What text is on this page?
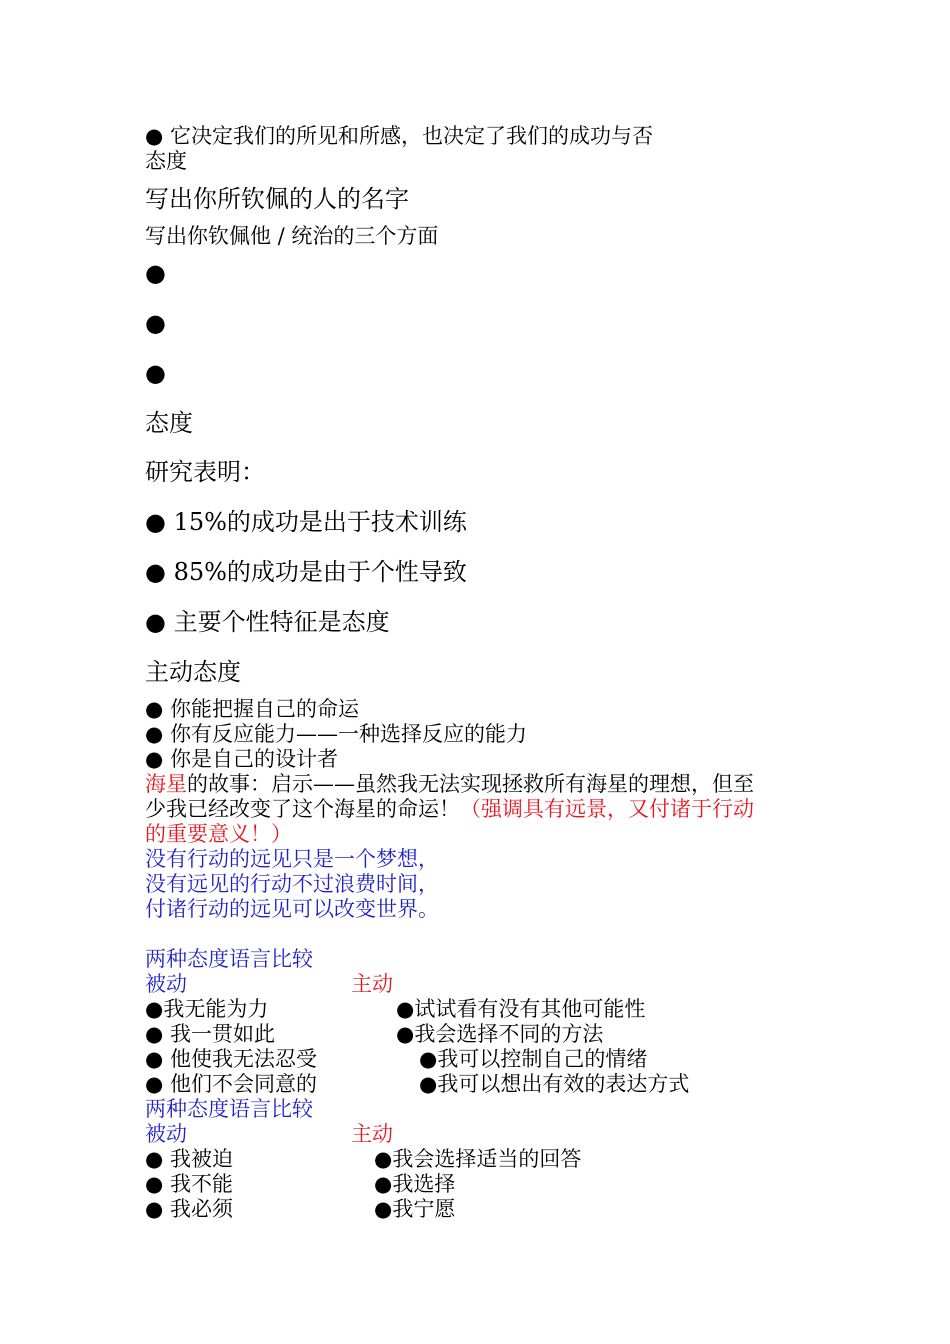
● 它决定我们的所见和所感，也决定了我们的成功与否
态度
写出你所钦佩的人的名字
写出你钦佩他 / 统治的三个方面
●
●
●
态度
研究表明：
● 15%的成功是出于技术训练
● 85%的成功是由于个性导致
● 主要个性特征是态度
主动态度
● 你能把握自己的命运
● 你有反应能力——一种选择反应的能力
● 你是自己的设计者
海星的故事：启示——虽然我无法实现拯救所有海星的理想，但至
少我已经改变了这个海星的命运！（强调具有远景，又付诸于行动
的重要意义！）
没有行动的远见只是一个梦想，
没有远见的行动不过浪费时间，
付诸行动的远见可以改变世界。
两种态度语言比较
被动	主动
●我无能为力	●试试看有没有其他可能性
● 我一贯如此	●我会选择不同的方法
● 他使我无法忍受	●我可以控制自己的情绪
● 他们不会同意的	●我可以想出有效的表达方式
两种态度语言比较
被动	主动
● 我被迫	●我会选择适当的回答
● 我不能	●我选择
● 我必须	●我宁愿
